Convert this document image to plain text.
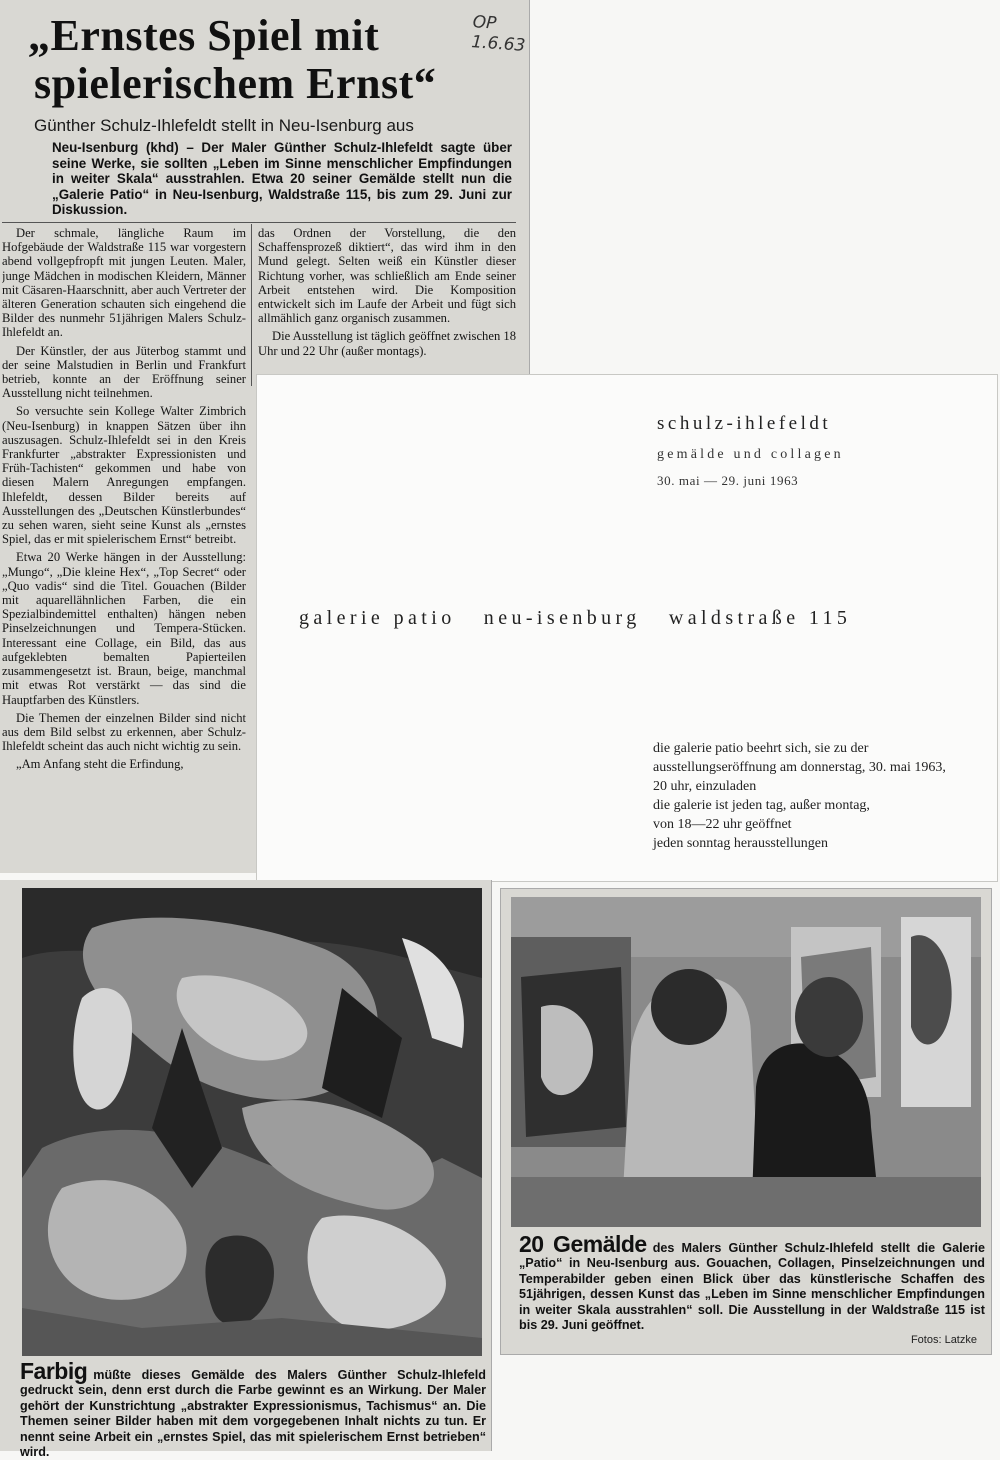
„Ernstes Spiel mit
spielerischem Ernst“
OP
1.6.63
Günther Schulz-Ihlefeldt stellt in Neu-Isenburg aus
Neu-Isenburg (khd) – Der Maler Günther Schulz-Ihlefeldt sagte über seine Werke, sie sollten „Leben im Sinne menschlicher Empfindungen in weiter Skala“ ausstrahlen. Etwa 20 seiner Gemälde stellt nun die „Galerie Patio“ in Neu-Isenburg, Waldstraße 115, bis zum 29. Juni zur Diskussion.

das Ordnen der Vorstellung, die den Schaffensprozeß diktiert“, das wird ihm in den Mund gelegt. Selten weiß ein Künstler dieser Richtung vorher, was schließlich am Ende seiner Arbeit entstehen wird. Die Komposition entwickelt sich im Laufe der Arbeit und fügt sich allmählich ganz organisch zusammen.

Die Ausstellung ist täglich geöffnet zwischen 18 Uhr und 22 Uhr (außer montags).

Der schmale, längliche Raum im Hofgebäude der Waldstraße 115 war vorgestern abend vollgepfropft mit jungen Leuten. Maler, junge Mädchen in modischen Kleidern, Männer mit Cäsaren-Haarschnitt, aber auch Vertreter der älteren Generation schauten sich eingehend die Bilder des nunmehr 51jährigen Malers Schulz-Ihlefeldt an.

Der Künstler, der aus Jüterbog stammt und der seine Malstudien in Berlin und Frankfurt betrieb, konnte an der Eröffnung seiner Ausstellung nicht teilnehmen.

So versuchte sein Kollege Walter Zimbrich (Neu-Isenburg) in knappen Sätzen über ihn auszusagen. Schulz-Ihlefeldt sei in den Kreis Frankfurter „abstrakter Expressionisten und Früh-Tachisten“ gekommen und habe von diesen Malern Anregungen empfangen. Ihlefeldt, dessen Bilder bereits auf Ausstellungen des „Deutschen Künstlerbundes“ zu sehen waren, sieht seine Kunst als „ernstes Spiel, das er mit spielerischem Ernst“ betreibt.

Etwa 20 Werke hängen in der Ausstellung: „Mungo“, „Die kleine Hex“, „Top Secret“ oder „Quo vadis“ sind die Titel. Gouachen (Bilder mit aquarellähnlichen Farben, die ein Spezialbindemittel enthalten) hängen neben Pinselzeichnungen und Tempera-Stücken. Interessant eine Collage, ein Bild, das aus aufgeklebten bemalten Papierteilen zusammengesetzt ist. Braun, beige, manchmal mit etwas Rot verstärkt — das sind die Hauptfarben des Künstlers.

Die Themen der einzelnen Bilder sind nicht aus dem Bild selbst zu erkennen, aber Schulz-Ihlefeldt scheint das auch nicht wichtig zu sein.

„Am Anfang steht die Erfindung,

schulz-ihlefeldt
gemälde und collagen
30. mai — 29. juni 1963
galerie patio   neu-isenburg   waldstraße 115
die galerie patio beehrt sich, sie zu der
ausstellungseröffnung am donnerstag, 30. mai 1963,
20 uhr, einzuladen
die galerie ist jeden tag, außer montag,
von 18—22 uhr geöffnet
jeden sonntag herausstellungen
Farbig müßte dieses Gemälde des Malers Günther Schulz-Ihlefeld gedruckt sein, denn erst durch die Farbe gewinnt es an Wirkung. Der Maler gehört der Kunstrichtung „abstrakter Expressionismus, Tachismus“ an. Die Themen seiner Bilder haben mit dem vorgegebenen Inhalt nichts zu tun. Er nennt seine Arbeit ein „ernstes Spiel, das mit spielerischem Ernst betrieben“ wird.
20 Gemälde des Malers Günther Schulz-Ihlefeld stellt die Galerie „Patio“ in Neu-Isenburg aus. Gouachen, Collagen, Pinselzeichnungen und Temperabilder geben einen Blick über das künstlerische Schaffen des 51jährigen, dessen Kunst das „Leben im Sinne menschlicher Empfindungen in weiter Skala ausstrahlen“ soll. Die Ausstellung in der Waldstraße 115 ist bis 29. Juni geöffnet.
Fotos: Latzke
